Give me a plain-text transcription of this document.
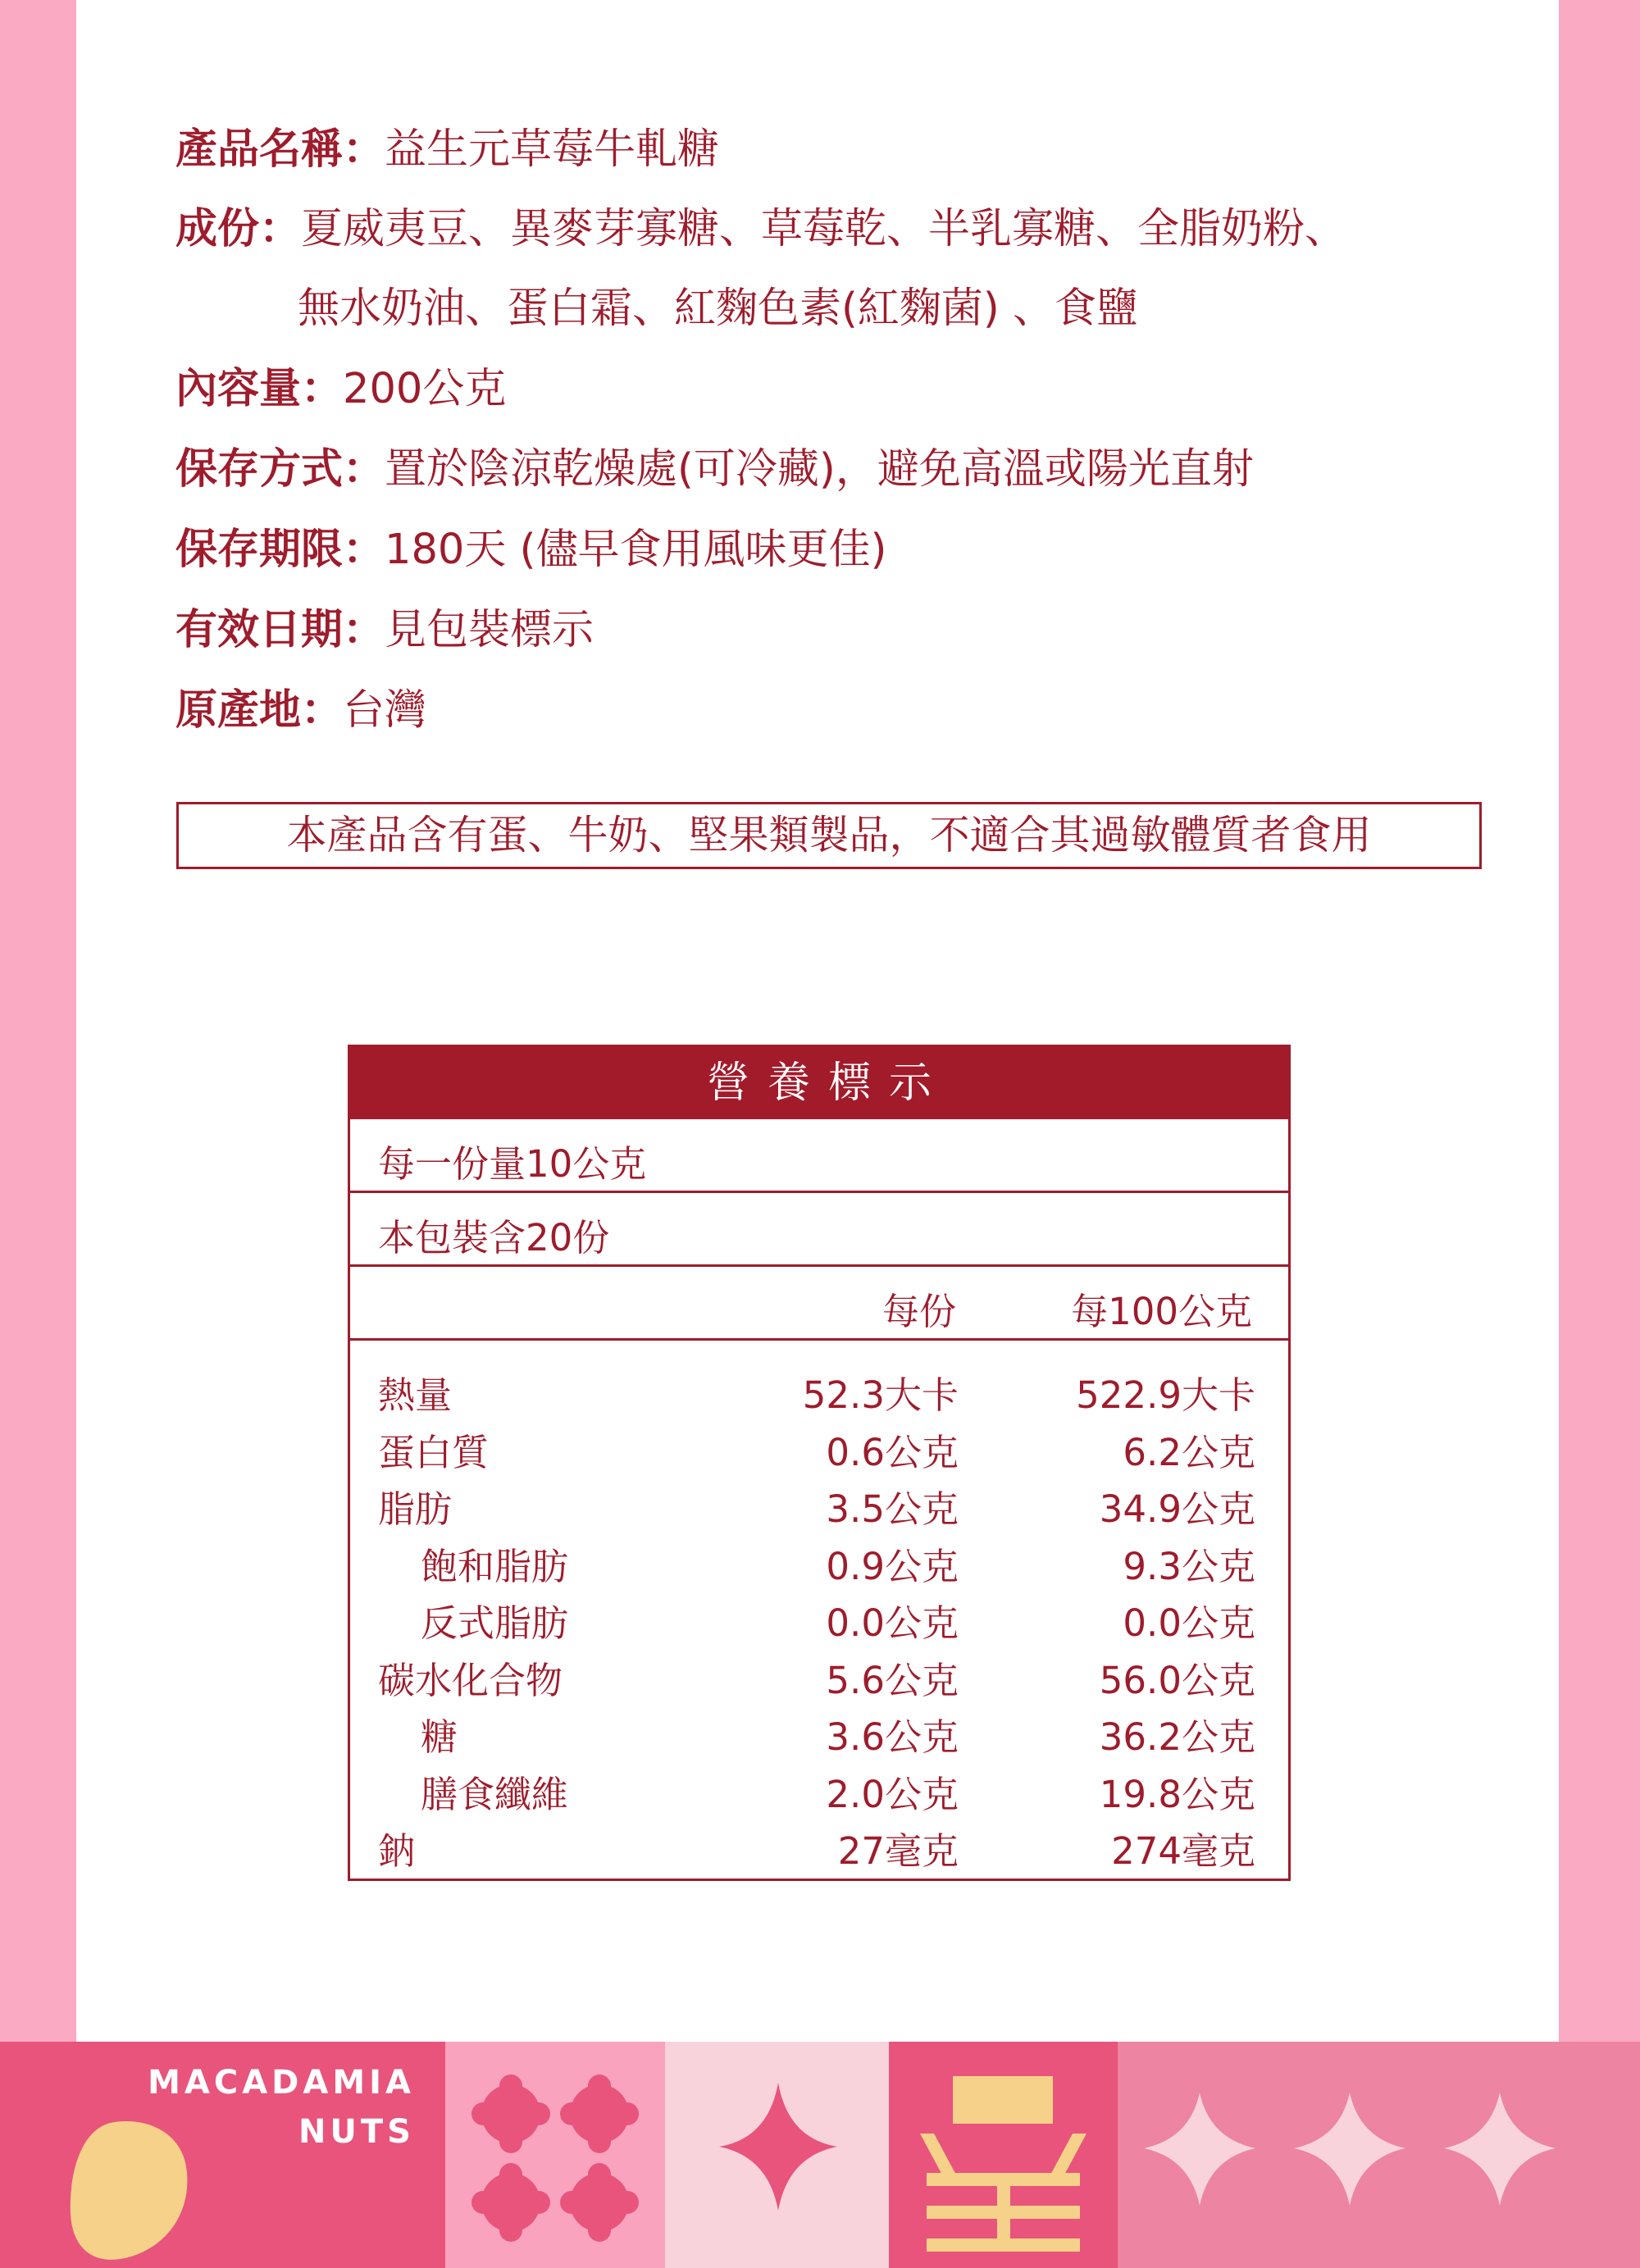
產品名稱：益生元草莓牛軋糖
成份：夏威夷豆、異麥芽寡糖、草莓乾、半乳寡糖、全脂奶粉、
無水奶油、蛋白霜、紅麴色素(紅麴菌) 、食鹽
內容量：200公克
保存方式：置於陰涼乾燥處(可冷藏)，避免高溫或陽光直射
保存期限：180天 (儘早食用風味更佳)
有效日期：見包裝標示
原產地：台灣
本產品含有蛋、牛奶、堅果類製品，不適合其過敏體質者食用
營養標示
每一份量10公克
本包裝含20份
每份	每100公克
熱量	52.3大卡	522.9大卡
蛋白質	0.6公克	6.2公克
脂肪	3.5公克	34.9公克
飽和脂肪	0.9公克	9.3公克
反式脂肪	0.0公克	0.0公克
碳水化合物	5.6公克	56.0公克
糖	3.6公克	36.2公克
膳食纖維	2.0公克	19.8公克
鈉	27毫克	274毫克
MACADAMIA
NUTS
